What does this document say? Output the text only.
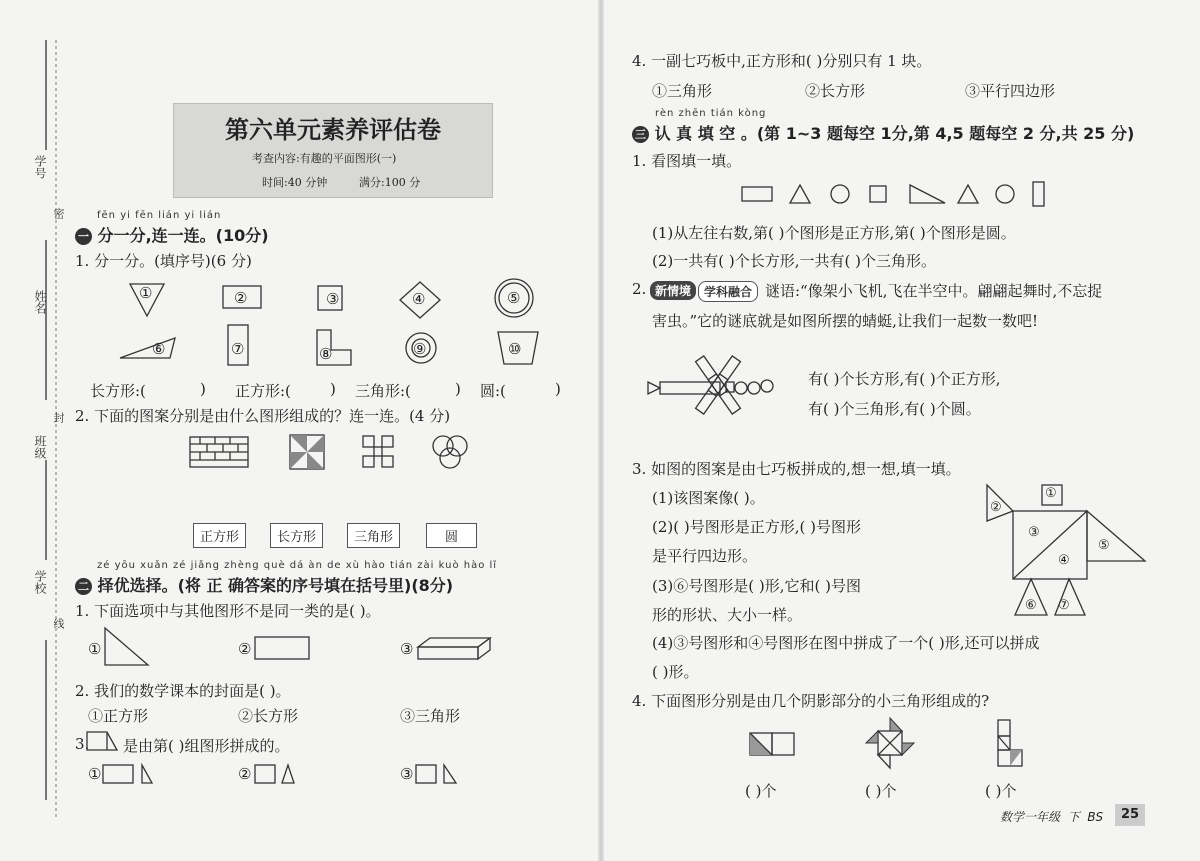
学号
密
姓名
封
班级
学校
线
第六单元素养评估卷
考查内容:有趣的平面图形(一)
时间:40 分钟	满分:100 分
fēn yi fēn lián yi lián
一 分一分,连一连。(10分)
1. 分一分。(填序号)(6 分)
①	②	③	④	⑤
⑥	⑦	⑧	⑨	⑩
长方形:(	) 正方形:(	) 三角形:(	) 圆:(	)
2. 下面的图案分别是由什么图形组成的？连一连。(4 分)
正方形	长方形	三角形	圆
zé yōu xuǎn zé jiǎng zhèng què dá àn de xù hào tián zài kuò hào lǐ
二 择优选择。(将 正 确答案的序号填在括号里)(8分)
1. 下面选项中与其他图形不是同一类的是( )。
①	②	③
2. 我们的数学课本的封面是( )。
①正方形	②长方形	③三角形
3. 是由第( )组图形拼成的。
①	②	③
4. 一副七巧板中,正方形和( )分别只有 1 块。
①三角形	②长方形	③平行四边形
rèn zhēn tián kòng
三 认 真 填 空 。(第 1~3 题每空 1分,第 4,5 题每空 2 分,共 25 分)
1. 看图填一填。
(1)从左往右数,第( )个图形是正方形,第( )个图形是圆。
(2)一共有( )个长方形,一共有( )个三角形。
2. 新情境	学科融合 谜语:“像架小飞机,飞在半空中。翩翩起舞时,不忘捉
害虫。”它的谜底就是如图所摆的蜻蜓,让我们一起数一数吧!
有( )个长方形,有( )个正方形,
有( )个三角形,有( )个圆。
3. 如图的图案是由七巧板拼成的,想一想,填一填。
(1)该图案像( )。
(2)( )号图形是正方形,( )号图形
是平行四边形。
(3)⑥号图形是( )形,它和( )号图
形的形状、大小一样。
(4)③号图形和④号图形在图中拼成了一个( )形,还可以拼成
( )形。
①
②
③
④
⑤
⑥ ⑦
4. 下面图形分别是由几个阴影部分的小三角形组成的?
( )个	( )个	( )个
数学一年级 下 BS	25
